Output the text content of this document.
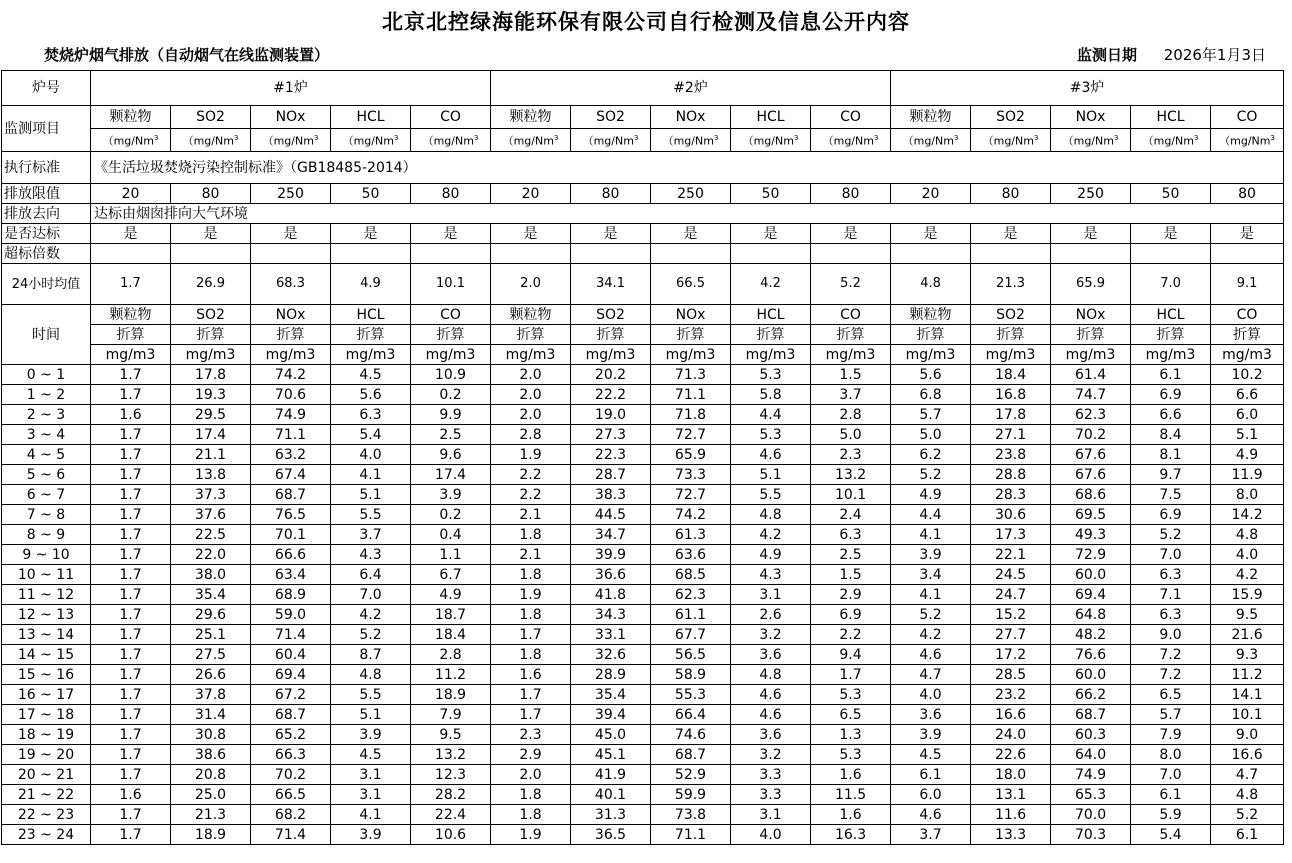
北京北控绿海能环保有限公司自行检测及信息公开内容
焚烧炉烟气排放（自动烟气在线监测装置）	监测日期 2026年1月3日
炉号	#1炉					#2炉					#3炉				
监测项目	颗粒物	SO2	NOx	HCL	CO	颗粒物	SO2	NOx	HCL	CO	颗粒物	SO2	NOx	HCL	CO
	（mg/Nm$^3$	（mg/Nm$^3$	（mg/Nm$^3$	（mg/Nm$^3$	（mg/Nm$^3$	（mg/Nm$^3$	（mg/Nm$^3$	（mg/Nm$^3$	（mg/Nm$^3$	（mg/Nm$^3$	（mg/Nm$^3$	（mg/Nm$^3$	（mg/Nm$^3$	（mg/Nm$^3$	（mg/Nm$^3$
执行标准	《生活垃圾焚烧污染控制标准》（GB18485-2014）														
排放限值	20	80	250	50	80	20	80	250	50	80	20	80	250	50	80
排放去向	达标由烟囱排向大气环境														
是否达标	是	是	是	是	是	是	是	是	是	是	是	是	是	是	是
超标倍数															
24小时均值	1.7	26.9	68.3	4.9	10.1	2.0	34.1	66.5	4.2	5.2	4.8	21.3	65.9	7.0	9.1
时间	颗粒物	SO2	NOx	HCL	CO	颗粒物	SO2	NOx	HCL	CO	颗粒物	SO2	NOx	HCL	CO
	折算	折算	折算	折算	折算	折算	折算	折算	折算	折算	折算	折算	折算	折算	折算
	mg/m3	mg/m3	mg/m3	mg/m3	mg/m3	mg/m3	mg/m3	mg/m3	mg/m3	mg/m3	mg/m3	mg/m3	mg/m3	mg/m3	mg/m3
0 ~ 1	1.7	17.8	74.2	4.5	10.9	2.0	20.2	71.3	5.3	1.5	5.6	18.4	61.4	6.1	10.2
1 ~ 2	1.7	19.3	70.6	5.6	0.2	2.0	22.2	71.1	5.8	3.7	6.8	16.8	74.7	6.9	6.6
2 ~ 3	1.6	29.5	74.9	6.3	9.9	2.0	19.0	71.8	4.4	2.8	5.7	17.8	62.3	6.6	6.0
3 ~ 4	1.7	17.4	71.1	5.4	2.5	2.8	27.3	72.7	5.3	5.0	5.0	27.1	70.2	8.4	5.1
4 ~ 5	1.7	21.1	63.2	4.0	9.6	1.9	22.3	65.9	4.6	2.3	6.2	23.8	67.6	8.1	4.9
5 ~ 6	1.7	13.8	67.4	4.1	17.4	2.2	28.7	73.3	5.1	13.2	5.2	28.8	67.6	9.7	11.9
6 ~ 7	1.7	37.3	68.7	5.1	3.9	2.2	38.3	72.7	5.5	10.1	4.9	28.3	68.6	7.5	8.0
7 ~ 8	1.7	37.6	76.5	5.5	0.2	2.1	44.5	74.2	4.8	2.4	4.4	30.6	69.5	6.9	14.2
8 ~ 9	1.7	22.5	70.1	3.7	0.4	1.8	34.7	61.3	4.2	6.3	4.1	17.3	49.3	5.2	4.8
9 ~ 10	1.7	22.0	66.6	4.3	1.1	2.1	39.9	63.6	4.9	2.5	3.9	22.1	72.9	7.0	4.0
10 ~ 11	1.7	38.0	63.4	6.4	6.7	1.8	36.6	68.5	4.3	1.5	3.4	24.5	60.0	6.3	4.2
11 ~ 12	1.7	35.4	68.9	7.0	4.9	1.9	41.8	62.3	3.1	2.9	4.1	24.7	69.4	7.1	15.9
12 ~ 13	1.7	29.6	59.0	4.2	18.7	1.8	34.3	61.1	2.6	6.9	5.2	15.2	64.8	6.3	9.5
13 ~ 14	1.7	25.1	71.4	5.2	18.4	1.7	33.1	67.7	3.2	2.2	4.2	27.7	48.2	9.0	21.6
14 ~ 15	1.7	27.5	60.4	8.7	2.8	1.8	32.6	56.5	3.6	9.4	4.6	17.2	76.6	7.2	9.3
15 ~ 16	1.7	26.6	69.4	4.8	11.2	1.6	28.9	58.9	4.8	1.7	4.7	28.5	60.0	7.2	11.2
16 ~ 17	1.7	37.8	67.2	5.5	18.9	1.7	35.4	55.3	4.6	5.3	4.0	23.2	66.2	6.5	14.1
17 ~ 18	1.7	31.4	68.7	5.1	7.9	1.7	39.4	66.4	4.6	6.5	3.6	16.6	68.7	5.7	10.1
18 ~ 19	1.7	30.8	65.2	3.9	9.5	2.3	45.0	74.6	3.6	1.3	3.9	24.0	60.3	7.9	9.0
19 ~ 20	1.7	38.6	66.3	4.5	13.2	2.9	45.1	68.7	3.2	5.3	4.5	22.6	64.0	8.0	16.6
20 ~ 21	1.7	20.8	70.2	3.1	12.3	2.0	41.9	52.9	3.3	1.6	6.1	18.0	74.9	7.0	4.7
21 ~ 22	1.6	25.0	66.5	3.1	28.2	1.8	40.1	59.9	3.3	11.5	6.0	13.1	65.3	6.1	4.8
22 ~ 23	1.7	21.3	68.2	4.1	22.4	1.8	31.3	73.8	3.1	1.6	4.6	11.6	70.0	5.9	5.2
23 ~ 24	1.7	18.9	71.4	3.9	10.6	1.9	36.5	71.1	4.0	16.3	3.7	13.3	70.3	5.4	6.1
